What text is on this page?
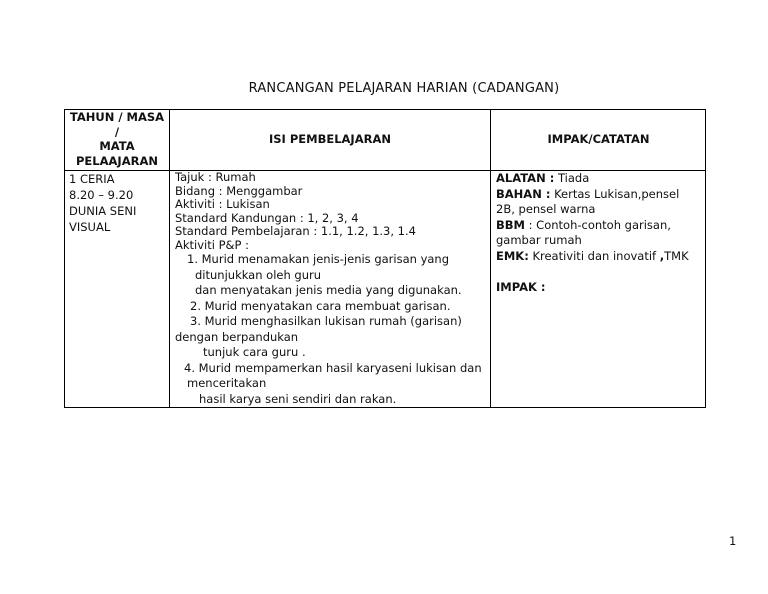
RANCANGAN PELAJARAN HARIAN (CADANGAN)
TAHUN / MASA
/
MATA
PELAAJARAN
ISI PEMBELAJARAN	IMPAK/CATATAN
1 CERIA
8.20 – 9.20
DUNIA SENI
VISUAL
Tajuk : Rumah
Bidang : Menggambar
Aktiviti : Lukisan
Standard Kandungan : 1, 2, 3, 4
Standard Pembelajaran : 1.1, 1.2, 1.3, 1.4
Aktiviti P&P :
1. Murid menamakan jenis-jenis garisan yang
ditunjukkan oleh guru
dan menyatakan jenis media yang digunakan.
2. Murid menyatakan cara membuat garisan.
3. Murid menghasilkan lukisan rumah (garisan)
dengan berpandukan
tunjuk cara guru .
4. Murid mempamerkan hasil karyaseni lukisan dan
menceritakan
hasil karya seni sendiri dan rakan.
ALATAN : Tiada
BAHAN : Kertas Lukisan,pensel
2B, pensel warna
BBM : Contoh-contoh garisan,
gambar rumah
EMK: Kreativiti dan inovatif ,TMK
IMPAK :
1
